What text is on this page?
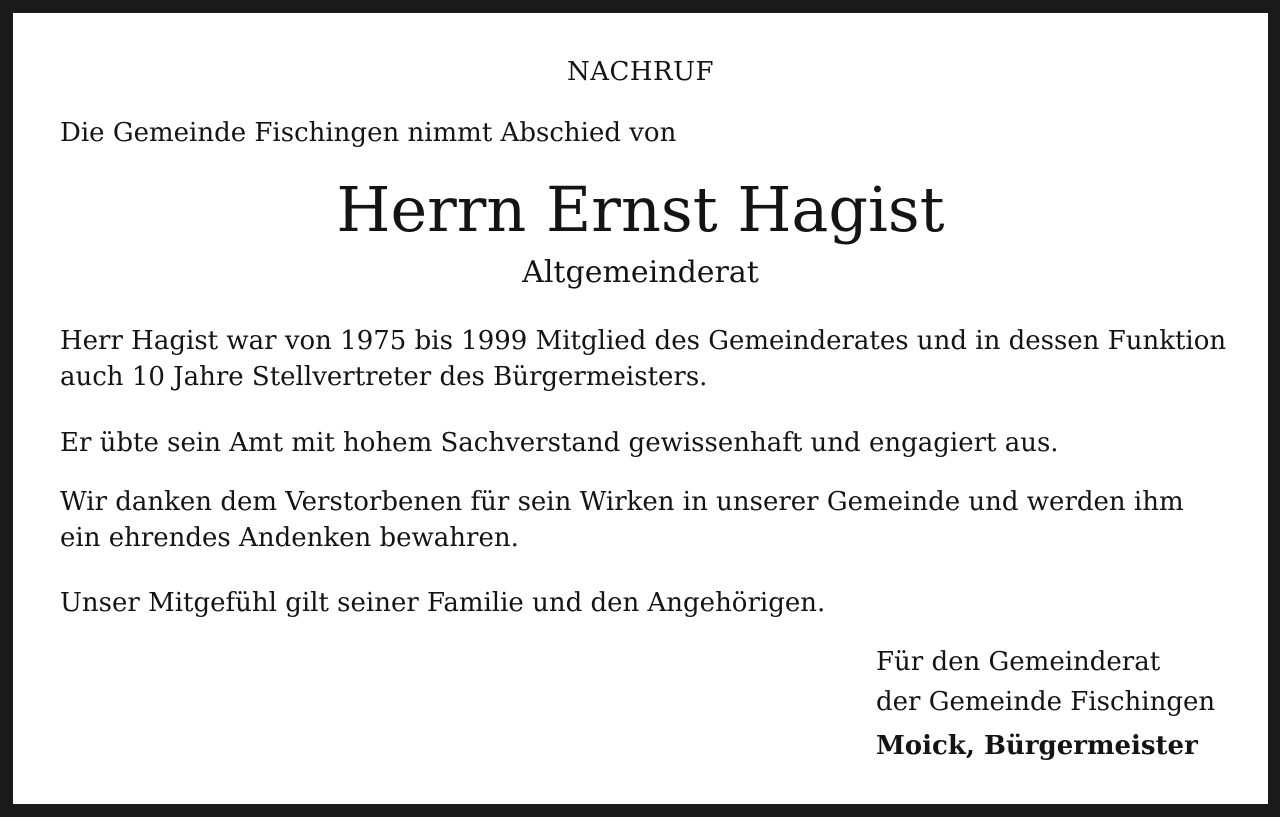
NACHRUF
Die Gemeinde Fischingen nimmt Abschied von
Herrn Ernst Hagist
Altgemeinderat
Herr Hagist war von 1975 bis 1999 Mitglied des Gemeinderates und in dessen Funktion auch 10 Jahre Stellvertreter des Bürgermeisters.
Er übte sein Amt mit hohem Sachverstand gewissenhaft und engagiert aus.
Wir danken dem Verstorbenen für sein Wirken in unserer Gemeinde und werden ihm ein ehrendes Andenken bewahren.
Unser Mitgefühl gilt seiner Familie und den Angehörigen.
Für den Gemeinderat
der Gemeinde Fischingen
Moick, Bürgermeister
